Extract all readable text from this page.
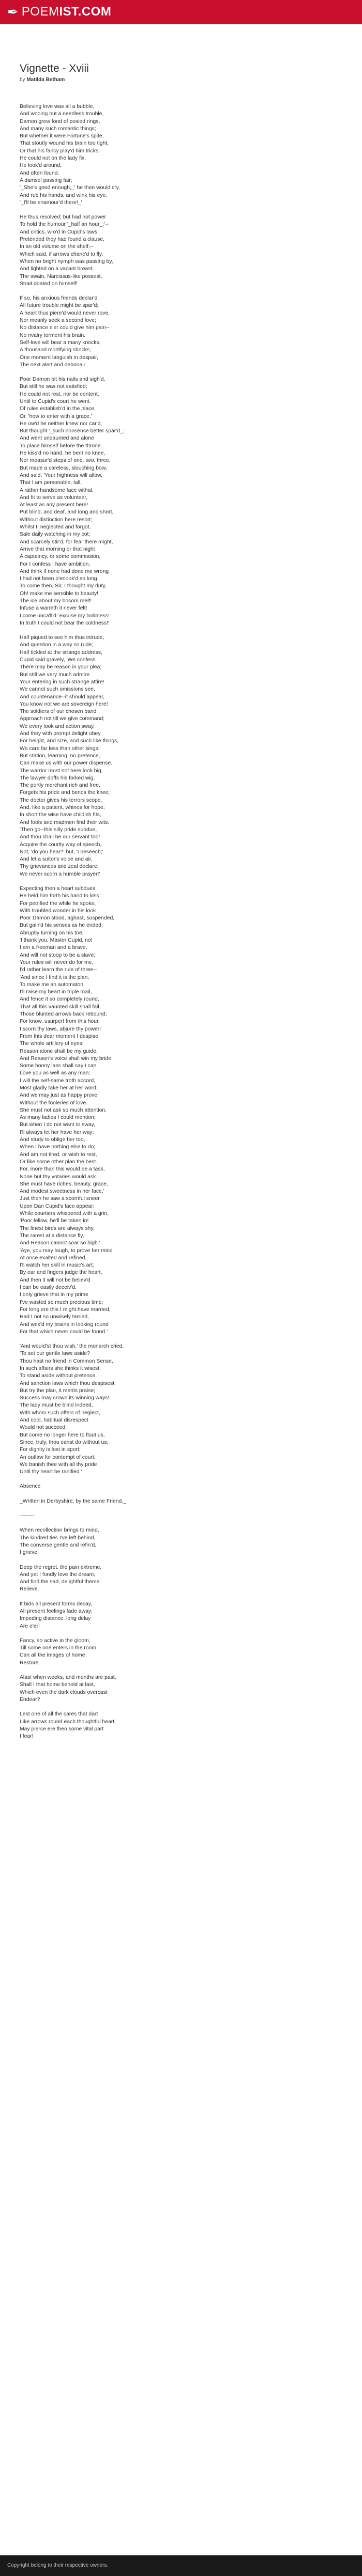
✒ POEMIST.COM
Vignette - Xviii
by Matilda Betham
Believing love was all a bubble,
And wooing but a needless trouble,
Damon grew fond of posied rings,
And many such romantic things;
But whether it were Fortune's spite,
That stoutly wound his brain too tight,
Or that his fancy play'd him tricks,
He could not on the lady fix.
He look'd around,
And often found,
A damsel passing fair;
'_She's good enough,_' he then would cry,
And rub his hands, and wink his eye,
'_I'll be enamour'd there!_'
He thus resolved; but had not power
To hold the humour '_half an hour_;'--
And critics, wro'd in Cupid's laws,
Pretended they had found a clause,
In an old volume on the shelf;--
Which said, if arrows chanc'd to fly,
When no bright nymph was passing by,
And lighted on a vacant breast,
The swain, Narcissus-like possest,
Strait doated on himself!
If so, his anxious friends declar'd
All future trouble might be spar'd;
A heart thus piere'd would never rove,
Nor meanly seek a second love;
No distance e'er could give him pain--
No rivalry torment his brain.
Self-love will bear a many knocks,
A thousand mortifying shocks;
One moment languish in despair,
The next alert and debonair.
Poor Damon bit his nails and sigh'd,
But still he was not satisfied;
He could not rest, nor be content,
Until to Cupid's court he went.
Of rules establish'd in the place,
Or, 'how to enter with a grace,'
He ow'd he neither knew nor car'd,
But thought '_such nonsense better spar'd_,'
And went undaunted and alone
To place himself before the throne.
He kiss'd no hand, he bent no knee,
Nor measur'd steps of one, two, three,
But made a careless, slouching bow,
And said, 'Your highness will allow,
That I am personable, tall,
A rather handsome face withal,
And fit to serve as volunteer,
At least as any present here!
Put blind, and deaf, and long and short,
Without distinction here resort;
Whilst I, neglected and forgot,
Sale daily watching in my cot;
And scarcely stir'd, for fear there might,
Arrive that morning or that night
A captaincy, or some commission,
For I confess I have ambition,
And think if none had done me wrong
I had not been o'erlook'd so long.
To come then, Sir, I thought my duty,
Oh! make me sensible to beauty!
The ice about my bosom melt!
Infuse a warmth it never felt!
I come unca'll'd: excuse my boldness!
In truth I could not bear the coldness!'
Half piqued to see him thus intrude,
And question in a way so rude;
Half tickled at the strange address,
Cupid said gravely, 'We confess
There may be reason in your plea;
But still we very much admire
Your entering in such strange attire!
We cannot such omissions see,
And countenance--it should appear,
You know not we are sovereign here!
The soldiers of our chosen band
Approach not till we give command;
We every look and action sway,
And they with prompt delight obey.
For height, and size, and such like things,
We care far less than other kings;
But station, learning, no pretence,
Can make us with our power dispense.
The warrior must not here look big,
The lawyer doffs his forked wig,
The portly merchant rich and free,
Forgets his pride and bends the knee;
The doctor gives his terrors scope,
And, like a patient, whines for hope;
In short the wise have childish fits,
And fools and madmen find their wits.
'Then go--this silly pride subdue,
And thou shall be our servant too!
Acquire the courtly way of speech,
Not, 'do you hear?' but, 'I beseech;'
And let a suitor's voice and air,
Thy grievances and zeal declare,
We never scorn a humble prayer!'
Expecting then a heart subdues,
He held him forth his hand to kiss;
For petrified the while he spoke,
With troubled wonder in his look
Poor Damon stood, aghast, suspended,
But gain'd his senses as he ended;
Abruptly turning on his toe,
'I thank you, Master Cupid, no!
I am a freeman and a brave,
And will not stoop to be a slave;
Your rules will never do for me,
I'd rather learn the rule of three--
'And since I find it is the plan,
To make me an automaton,
I'll raise my heart in triple mail,
And fence it so completely round,
That all this vaunted skill shall fail,
Those blunted arrows back rebound;
For know, usurper! from this hour,
I scorn thy laws, abjure thy power!
From this dear moment I despise
The whole artillery of eyes;
Reason alone shall be my guide,
And Reason's voice shall win my bride.
Some bonny lass shall say I can
Love you as well as any man;
I will the self-same troth accord,
Most gladly take her at her word;
And we may just as happy prove
Without the fooleries of love.
She must not ask so much attention,
As many ladies I could mention;
But when I do not want to sway,
I'll always let her have her way;
And study to oblige her too,
When I have nothing else to do;
And am not tired, or wish to rest,
Or like some other plan the best.
For, more than this would be a task,
None but thy votaries would ask.
She must have riches, beauty, grace,
And modest sweetness in her face,'
Just then he saw a scornful sneer
Upon Dan Cupid's face appear;
While courtiers whispered with a grin,
'Poor fellow, he'll be taken in!
The finest birds are always shy,
The rarest at a distance fly,
And Reason cannot soar so high.'
'Aye, you may laugh, to prove her mind
At once exalted and refined,
I'll watch her skill in music's art;
By ear and fingers judge the heart,
And then it will not be believ'd
I can be easily deceiv'd.
I only grieve that in my prime
I've wasted so much precious time;
For long ere this I might have married,
Had I not so unwisely tarried,
And wex'd my brains in looking round
For that which never could be found.'
'And would'st thou wish,' the monarch cried,
'To set our gentle laws aside?
Thou hast no friend in Common Sense,
In such affairs she thinks it wisest,
To stand aside without pretence,
And sanction laws which thou despisest.
But try the plan, it merits praise;
Success may crown its winning ways!
The lady must be blind indeed,
With whom such offers of neglect,
And cool, habitual disrespect
Would not succeed.
But come no longer here to flout us,
Since, truly, thou canst do without us;
For dignity is lost in sport;
An outlaw for contempt of court;
We banish thee with all thy pride
Until thy heart be ranified.'
Absence
_Written in Derbyshire, by the same Friend._
--------
When recollection brings to mind,
The kindred ties I've left behind,
The converse gentle and refin'd,
I grieve!
Deep the regret, the pain extreme,
And yet I fondly love the dream,
And find the sad, delightful theme
Relieve.
It bids all present forms decay,
All present feelings fade away;
Impeding distance, long delay
Are o'er!
Fancy, so active in the gloom,
Till some one enters in the room,
Can all the images of home
Restore.
Alas! when weeks, and months are past,
Shall I that home behold at last,
Which even the dark clouds overcast
Endear?
Lest one of all the cares that dart
Like arrows round each thoughtful heart,
May pierce ere then some vital part
I fear!
Copyright belong to their respective owners.
